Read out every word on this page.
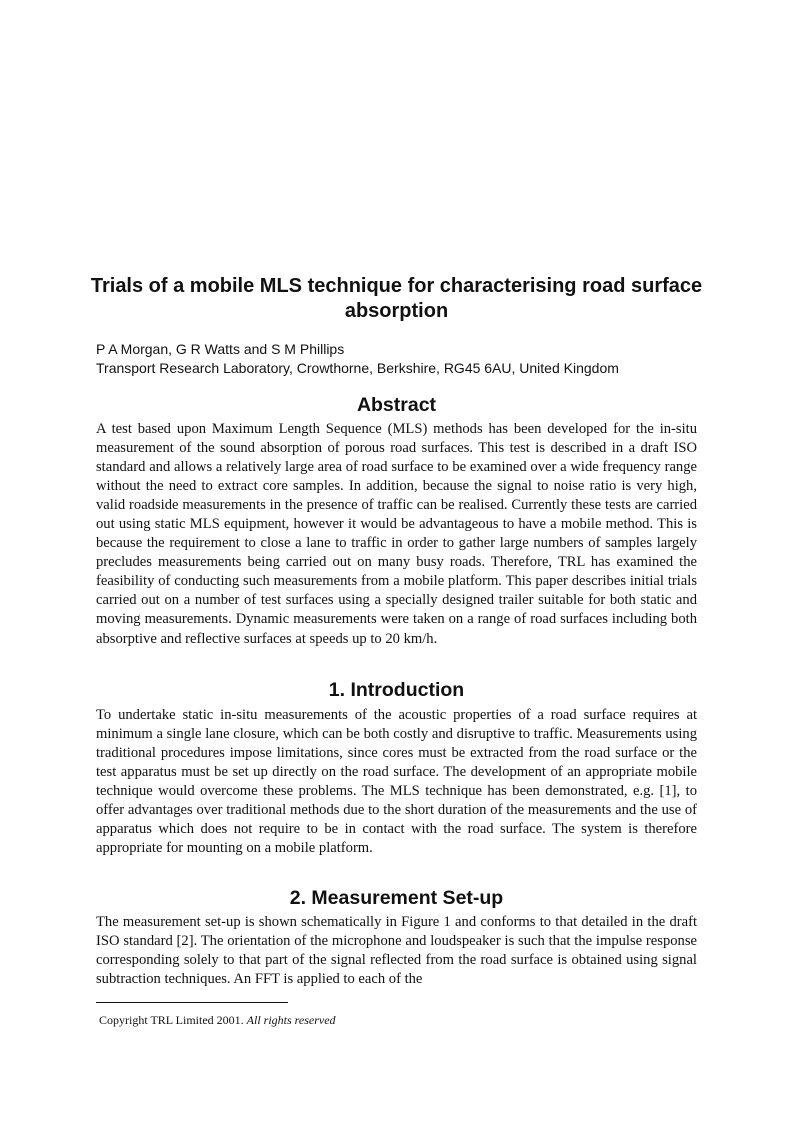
Trials of a mobile MLS technique for characterising road surface absorption
P A Morgan, G R Watts and S M Phillips
Transport Research Laboratory, Crowthorne, Berkshire, RG45 6AU, United Kingdom
Abstract

A test based upon Maximum Length Sequence (MLS) methods has been developed for the in-situ measurement of the sound absorption of porous road surfaces. This test is described in a draft ISO standard and allows a relatively large area of road surface to be examined over a wide frequency range without the need to extract core samples. In addition, because the signal to noise ratio is very high, valid roadside measurements in the presence of traffic can be realised. Currently these tests are carried out using static MLS equipment, however it would be advantageous to have a mobile method. This is because the requirement to close a lane to traffic in order to gather large numbers of samples largely precludes measurements being carried out on many busy roads. Therefore, TRL has examined the feasibility of conducting such measurements from a mobile platform. This paper describes initial trials carried out on a number of test surfaces using a specially designed trailer suitable for both static and moving measurements. Dynamic measurements were taken on a range of road surfaces including both absorptive and reflective surfaces at speeds up to 20 km/h.

1. Introduction

To undertake static in-situ measurements of the acoustic properties of a road surface requires at minimum a single lane closure, which can be both costly and disruptive to traffic. Measurements using traditional procedures impose limitations, since cores must be extracted from the road surface or the test apparatus must be set up directly on the road surface. The development of an appropriate mobile technique would overcome these problems. The MLS technique has been demonstrated, e.g. [1], to offer advantages over traditional methods due to the short duration of the measurements and the use of apparatus which does not require to be in contact with the road surface. The system is therefore appropriate for mounting on a mobile platform.

2. Measurement Set-up

The measurement set-up is shown schematically in Figure 1 and conforms to that detailed in the draft ISO standard [2]. The orientation of the microphone and loudspeaker is such that the impulse response corresponding solely to that part of the signal reflected from the road surface is obtained using signal subtraction techniques. An FFT is applied to each of the

Copyright TRL Limited 2001. All rights reserved
